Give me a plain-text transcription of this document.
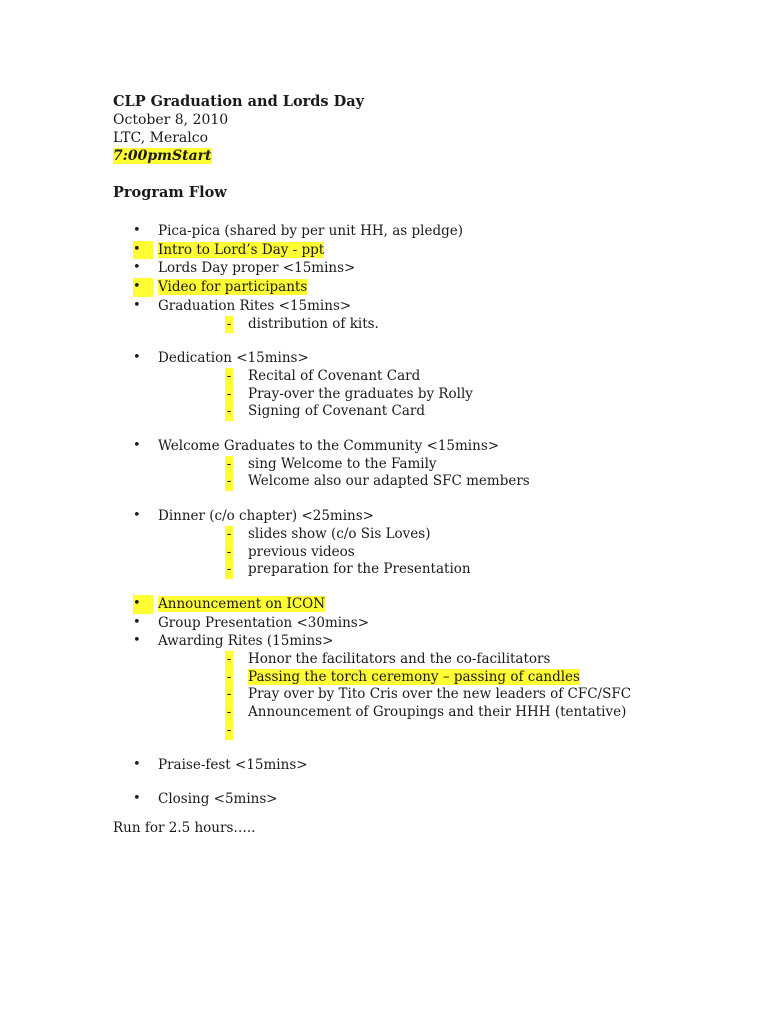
CLP Graduation and Lords Day
October 8, 2010
LTC, Meralco
7:00pmStart
Program Flow
•	Pica-pica (shared by per unit HH, as pledge)
•	Intro to Lord’s Day - ppt
•	Lords Day proper <15mins>
•	Video for participants
•	Graduation Rites <15mins>
- distribution of kits.
•	Dedication <15mins>
- Recital of Covenant Card
- Pray-over the graduates by Rolly
- Signing of Covenant Card
•	Welcome Graduates to the Community <15mins>
- sing Welcome to the Family
- Welcome also our adapted SFC members
•	Dinner (c/o chapter) <25mins>
- slides show (c/o Sis Loves)
- previous videos
- preparation for the Presentation
•	Announcement on ICON
•	Group Presentation <30mins>
•	Awarding Rites (15mins>
- Honor the facilitators and the co-facilitators
- Passing the torch ceremony – passing of candles
- Pray over by Tito Cris over the new leaders of CFC/SFC
- Announcement of Groupings and their HHH (tentative)
-

•	Praise-fest <15mins>
•	Closing <5mins>
Run for 2.5 hours…..
